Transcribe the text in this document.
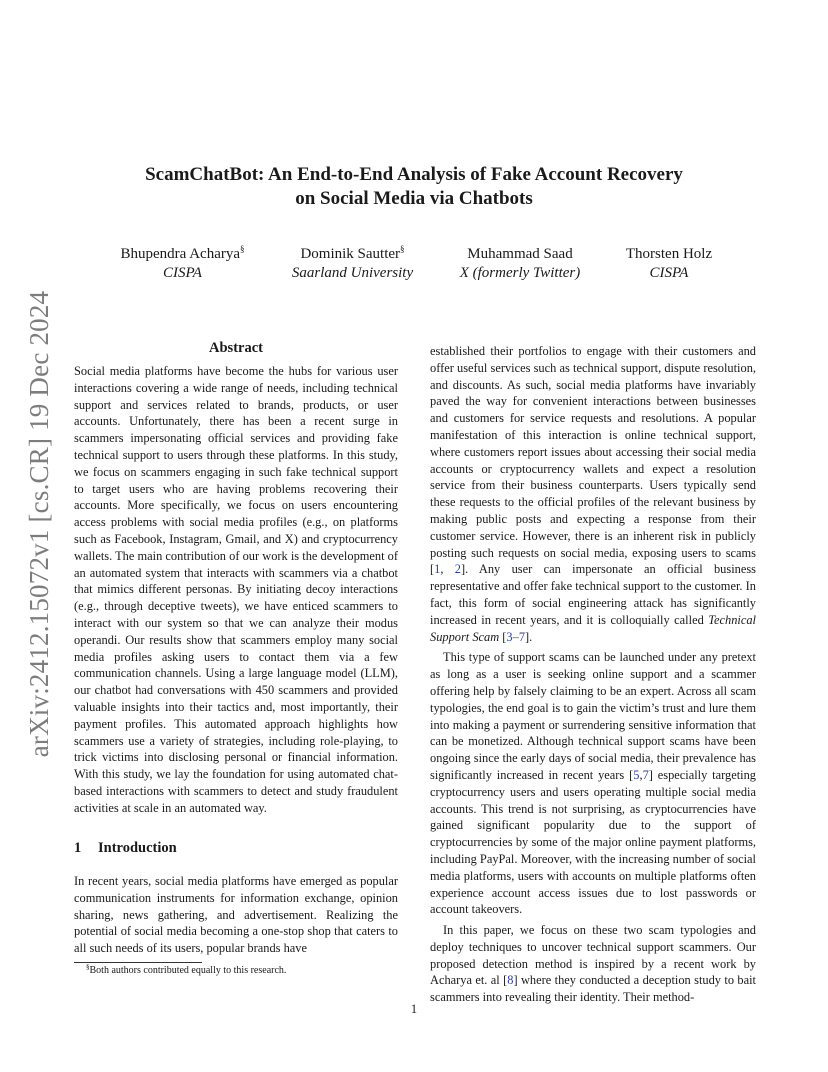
arXiv:2412.15072v1 [cs.CR] 19 Dec 2024
ScamChatBot: An End-to-End Analysis of Fake Account Recovery
on Social Media via Chatbots
Bhupendra Acharya§
CISPA
Dominik Sautter§
Saarland University
Muhammad Saad
X (formerly Twitter)
Thorsten Holz
CISPA
Abstract

Social media platforms have become the hubs for various user interactions covering a wide range of needs, including technical support and services related to brands, products, or user accounts. Unfortunately, there has been a recent surge in scammers impersonating official services and providing fake technical support to users through these platforms. In this study, we focus on scammers engaging in such fake technical support to target users who are having problems recovering their accounts. More specifically, we focus on users encountering access problems with social media profiles (e.g., on platforms such as Facebook, Instagram, Gmail, and X) and cryptocurrency wallets. The main contribution of our work is the development of an automated system that interacts with scammers via a chatbot that mimics different personas. By initiating decoy interactions (e.g., through deceptive tweets), we have enticed scammers to interact with our system so that we can analyze their modus operandi. Our results show that scammers employ many social media profiles asking users to contact them via a few communication channels. Using a large language model (LLM), our chatbot had conversations with 450 scammers and provided valuable insights into their tactics and, most importantly, their payment profiles. This automated approach highlights how scammers use a variety of strategies, including role-playing, to trick victims into disclosing personal or financial information. With this study, we lay the foundation for using automated chat-based interactions with scammers to detect and study fraudulent activities at scale in an automated way.

1 Introduction

In recent years, social media platforms have emerged as popular communication instruments for information exchange, opinion sharing, news gathering, and advertisement. Realizing the potential of social media becoming a one-stop shop that caters to all such needs of its users, popular brands have

established their portfolios to engage with their customers and offer useful services such as technical support, dispute resolution, and discounts. As such, social media platforms have invariably paved the way for convenient interactions between businesses and customers for service requests and resolutions. A popular manifestation of this interaction is online technical support, where customers report issues about accessing their social media accounts or cryptocurrency wallets and expect a resolution service from their business counterparts. Users typically send these requests to the official profiles of the relevant business by making public posts and expecting a response from their customer service. However, there is an inherent risk in publicly posting such requests on social media, exposing users to scams [1, 2]. Any user can impersonate an official business representative and offer fake technical support to the customer. In fact, this form of social engineering attack has significantly increased in recent years, and it is colloquially called Technical Support Scam [3–7].

This type of support scams can be launched under any pretext as long as a user is seeking online support and a scammer offering help by falsely claiming to be an expert. Across all scam typologies, the end goal is to gain the victim’s trust and lure them into making a payment or surrendering sensitive information that can be monetized. Although technical support scams have been ongoing since the early days of social media, their prevalence has significantly increased in recent years [5,7] especially targeting cryptocurrency users and users operating multiple social media accounts. This trend is not surprising, as cryptocurrencies have gained significant popularity due to the support of cryptocurrencies by some of the major online payment platforms, including PayPal. Moreover, with the increasing number of social media platforms, users with accounts on multiple platforms often experience account access issues due to lost passwords or account takeovers.

In this paper, we focus on these two scam typologies and deploy techniques to uncover technical support scammers. Our proposed detection method is inspired by a recent work by Acharya et. al [8] where they conducted a deception study to bait scammers into revealing their identity. Their method-

§Both authors contributed equally to this research.
1
